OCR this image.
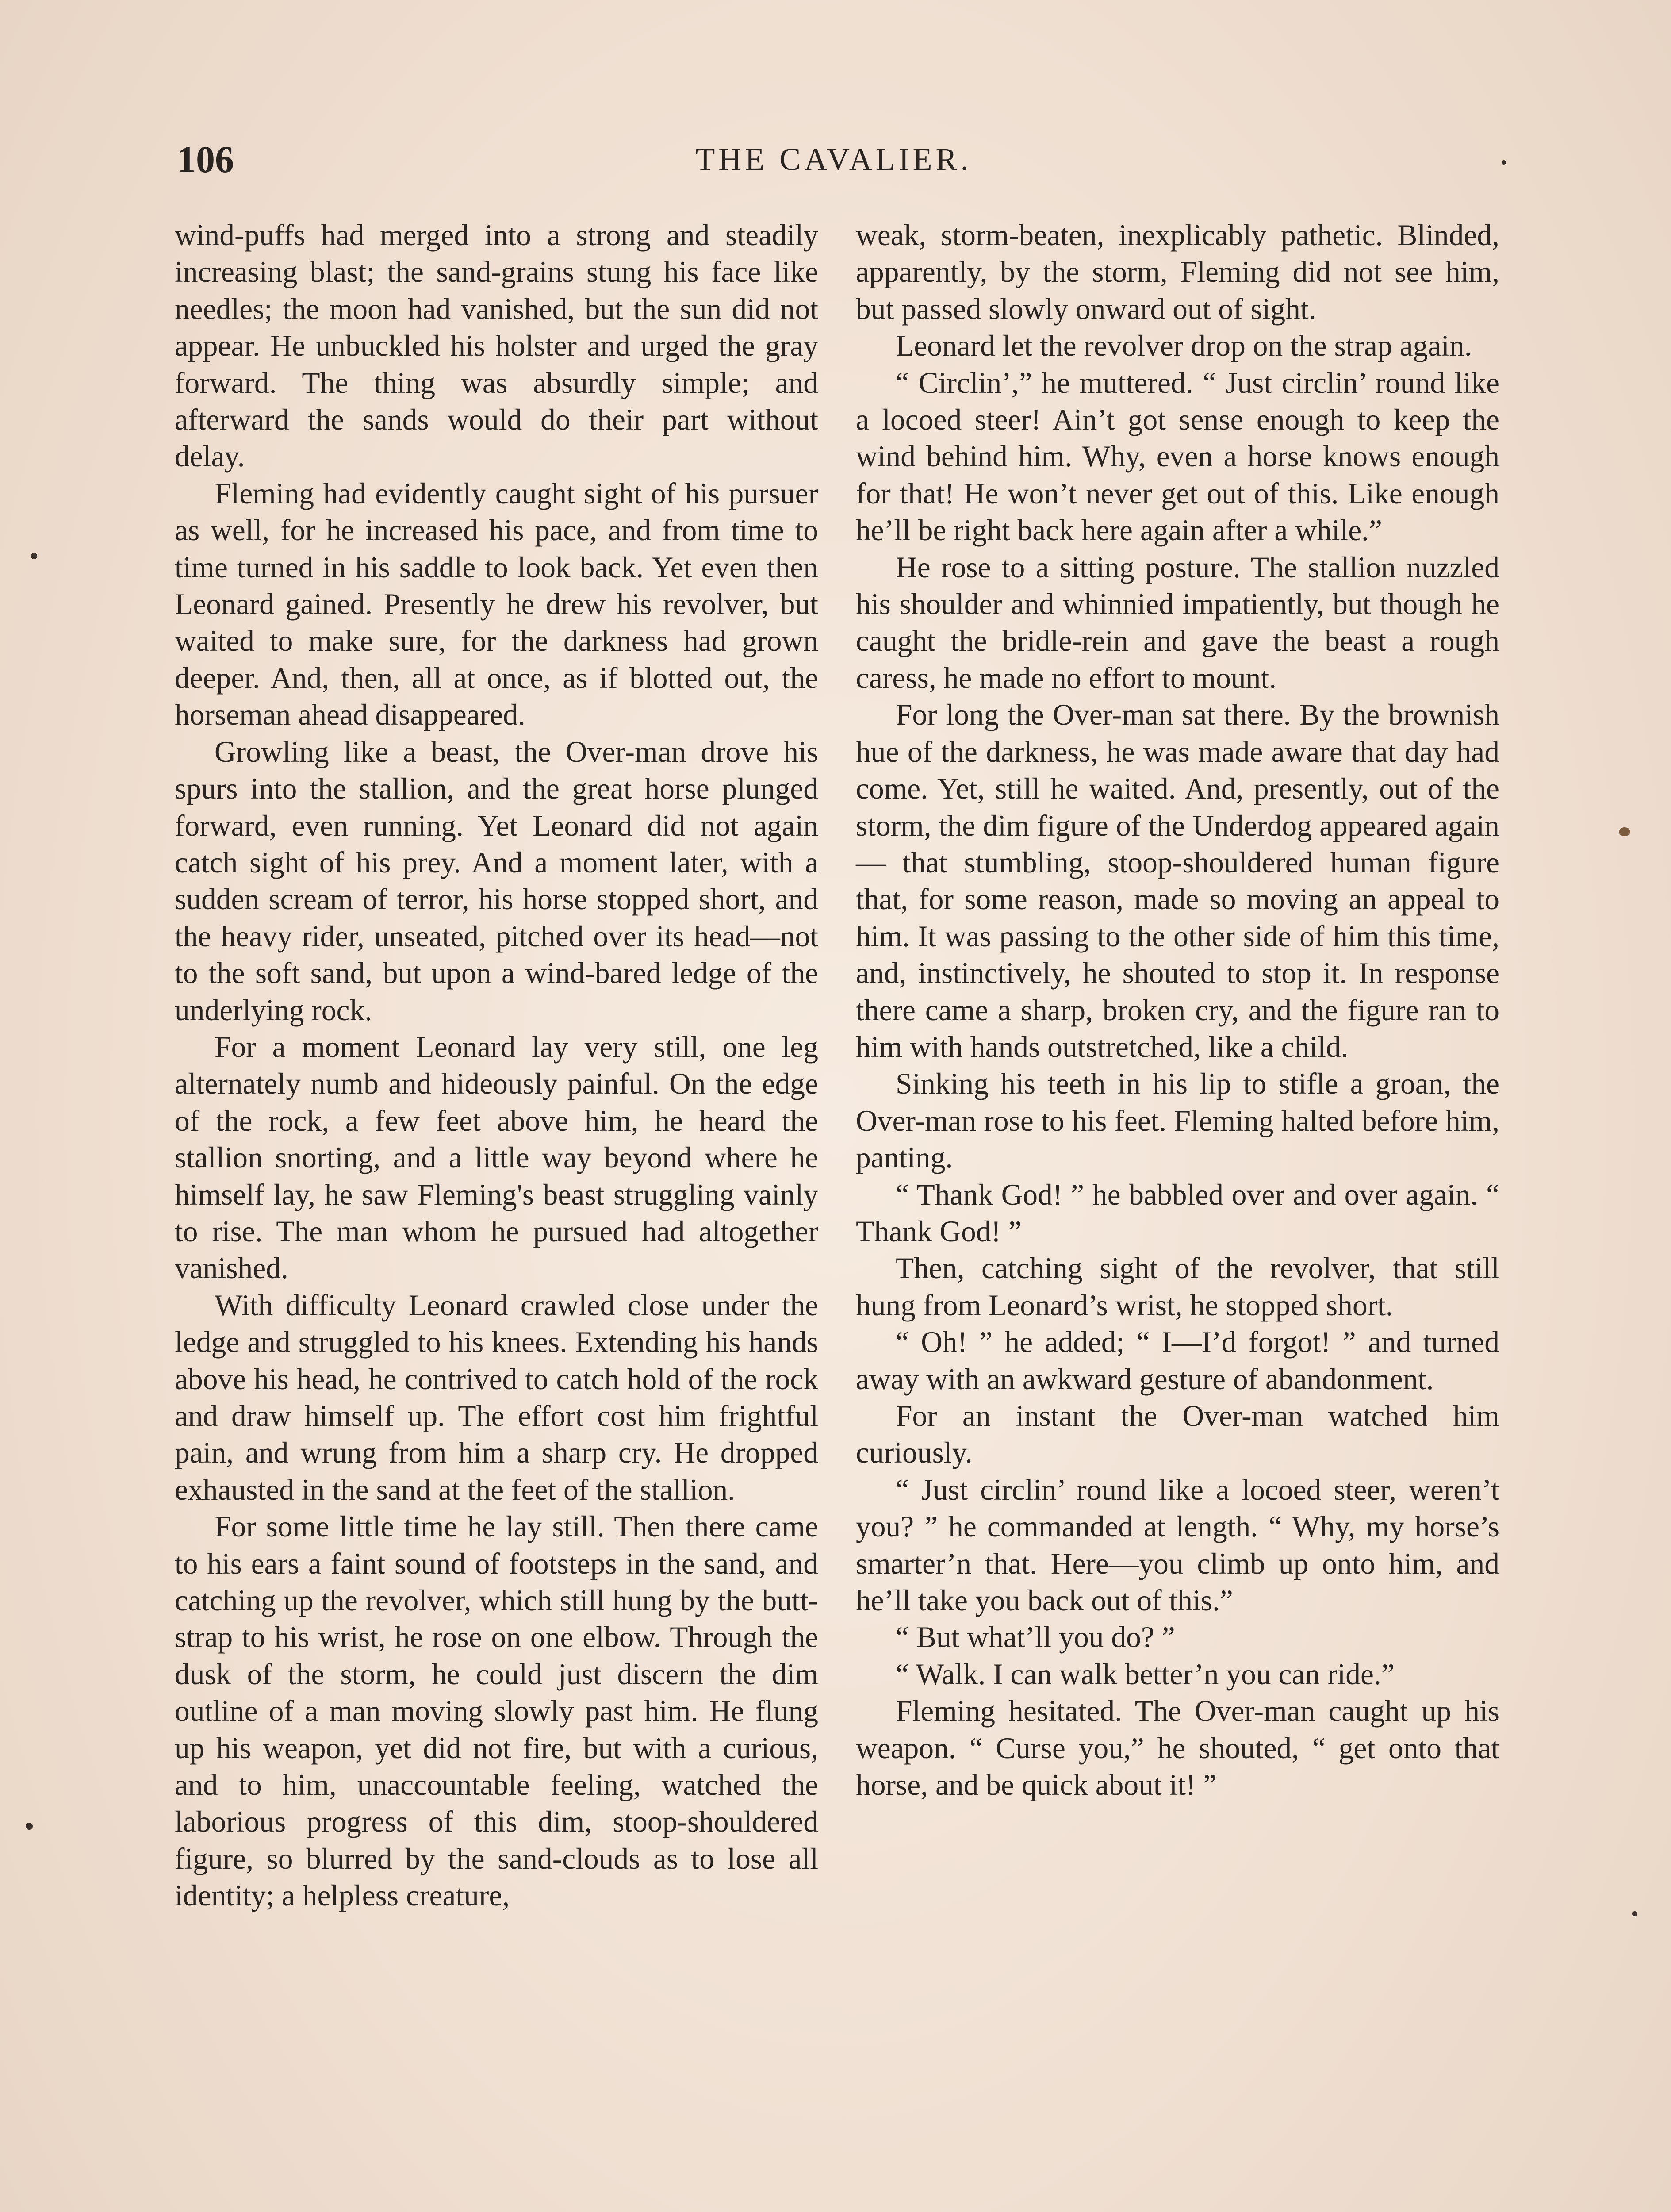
106	THE CAVALIER.

wind-puffs had merged into a strong and steadily increasing blast; the sand-grains stung his face like needles; the moon had vanished, but the sun did not appear. He unbuckled his holster and urged the gray forward. The thing was absurdly simple; and afterward the sands would do their part without delay.

Fleming had evidently caught sight of his pursuer as well, for he increased his pace, and from time to time turned in his saddle to look back. Yet even then Leonard gained. Presently he drew his revolver, but waited to make sure, for the darkness had grown deeper. And, then, all at once, as if blotted out, the horseman ahead disappeared.

Growling like a beast, the Over-man drove his spurs into the stallion, and the great horse plunged forward, even running. Yet Leonard did not again catch sight of his prey. And a moment later, with a sudden scream of terror, his horse stopped short, and the heavy rider, unseated, pitched over its head—not to the soft sand, but upon a wind-bared ledge of the underlying rock.

For a moment Leonard lay very still, one leg alternately numb and hideously painful. On the edge of the rock, a few feet above him, he heard the stallion snorting, and a little way beyond where he himself lay, he saw Fleming's beast struggling vainly to rise. The man whom he pursued had altogether vanished.

With difficulty Leonard crawled close under the ledge and struggled to his knees. Extending his hands above his head, he contrived to catch hold of the rock and draw himself up. The effort cost him frightful pain, and wrung from him a sharp cry. He dropped exhausted in the sand at the feet of the stallion.

For some little time he lay still. Then there came to his ears a faint sound of footsteps in the sand, and catching up the revolver, which still hung by the butt-strap to his wrist, he rose on one elbow. Through the dusk of the storm, he could just discern the dim outline of a man moving slowly past him. He flung up his weapon, yet did not fire, but with a curious, and to him, unaccountable feeling, watched the laborious progress of this dim, stoop-shouldered figure, so blurred by the sand-clouds as to lose all identity; a helpless creature,

weak, storm-beaten, inexplicably pathetic. Blinded, apparently, by the storm, Fleming did not see him, but passed slowly onward out of sight.

Leonard let the revolver drop on the strap again.

“ Circlin’,” he muttered. “ Just circlin’ round like a locoed steer! Ain’t got sense enough to keep the wind behind him. Why, even a horse knows enough for that! He won’t never get out of this. Like enough he’ll be right back here again after a while.”

He rose to a sitting posture. The stallion nuzzled his shoulder and whinnied impatiently, but though he caught the bridle-rein and gave the beast a rough caress, he made no effort to mount.

For long the Over-man sat there. By the brownish hue of the darkness, he was made aware that day had come. Yet, still he waited. And, presently, out of the storm, the dim figure of the Underdog appeared again — that stumbling, stoop-shouldered human figure that, for some reason, made so moving an appeal to him. It was passing to the other side of him this time, and, instinctively, he shouted to stop it. In response there came a sharp, broken cry, and the figure ran to him with hands outstretched, like a child.

Sinking his teeth in his lip to stifle a groan, the Over-man rose to his feet. Fleming halted before him, panting.

“ Thank God! ” he babbled over and over again. “ Thank God! ”

Then, catching sight of the revolver, that still hung from Leonard’s wrist, he stopped short.

“ Oh! ” he added; “ I—I’d forgot! ” and turned away with an awkward gesture of abandonment.

For an instant the Over-man watched him curiously.

“ Just circlin’ round like a locoed steer, weren’t you? ” he commanded at length. “ Why, my horse’s smarter’n that. Here—you climb up onto him, and he’ll take you back out of this.”

“ But what’ll you do? ”

“ Walk. I can walk better’n you can ride.”

Fleming hesitated. The Over-man caught up his weapon. “ Curse you,” he shouted, “ get onto that horse, and be quick about it! ”
